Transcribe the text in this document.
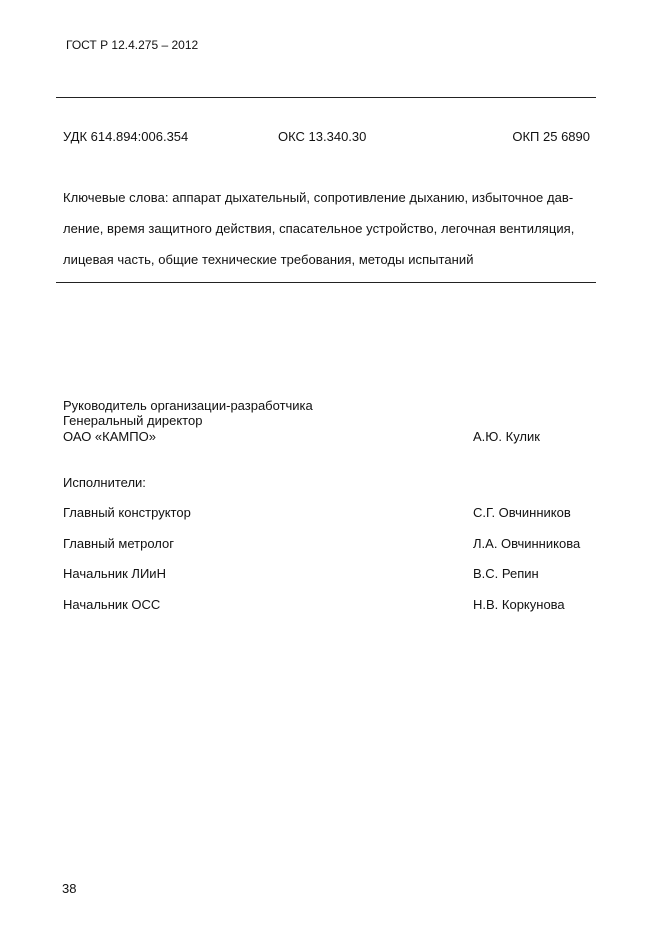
ГОСТ Р 12.4.275 – 2012
УДК 614.894:006.354	ОКС 13.340.30	ОКП 25 6890
Ключевые слова: аппарат дыхательный, сопротивление дыханию, избыточное дав-
ление, время защитного действия, спасательное устройство, легочная вентиляция,
лицевая часть, общие технические требования, методы испытаний
Руководитель организации-разработчика
Генеральный директор
ОАО «КАМПО»	А.Ю. Кулик
Исполнители:
Главный конструктор	С.Г. Овчинников
Главный метролог	Л.А. Овчинникова
Начальник ЛИиН	В.С. Репин
Начальник ОСС	Н.В. Коркунова
38
